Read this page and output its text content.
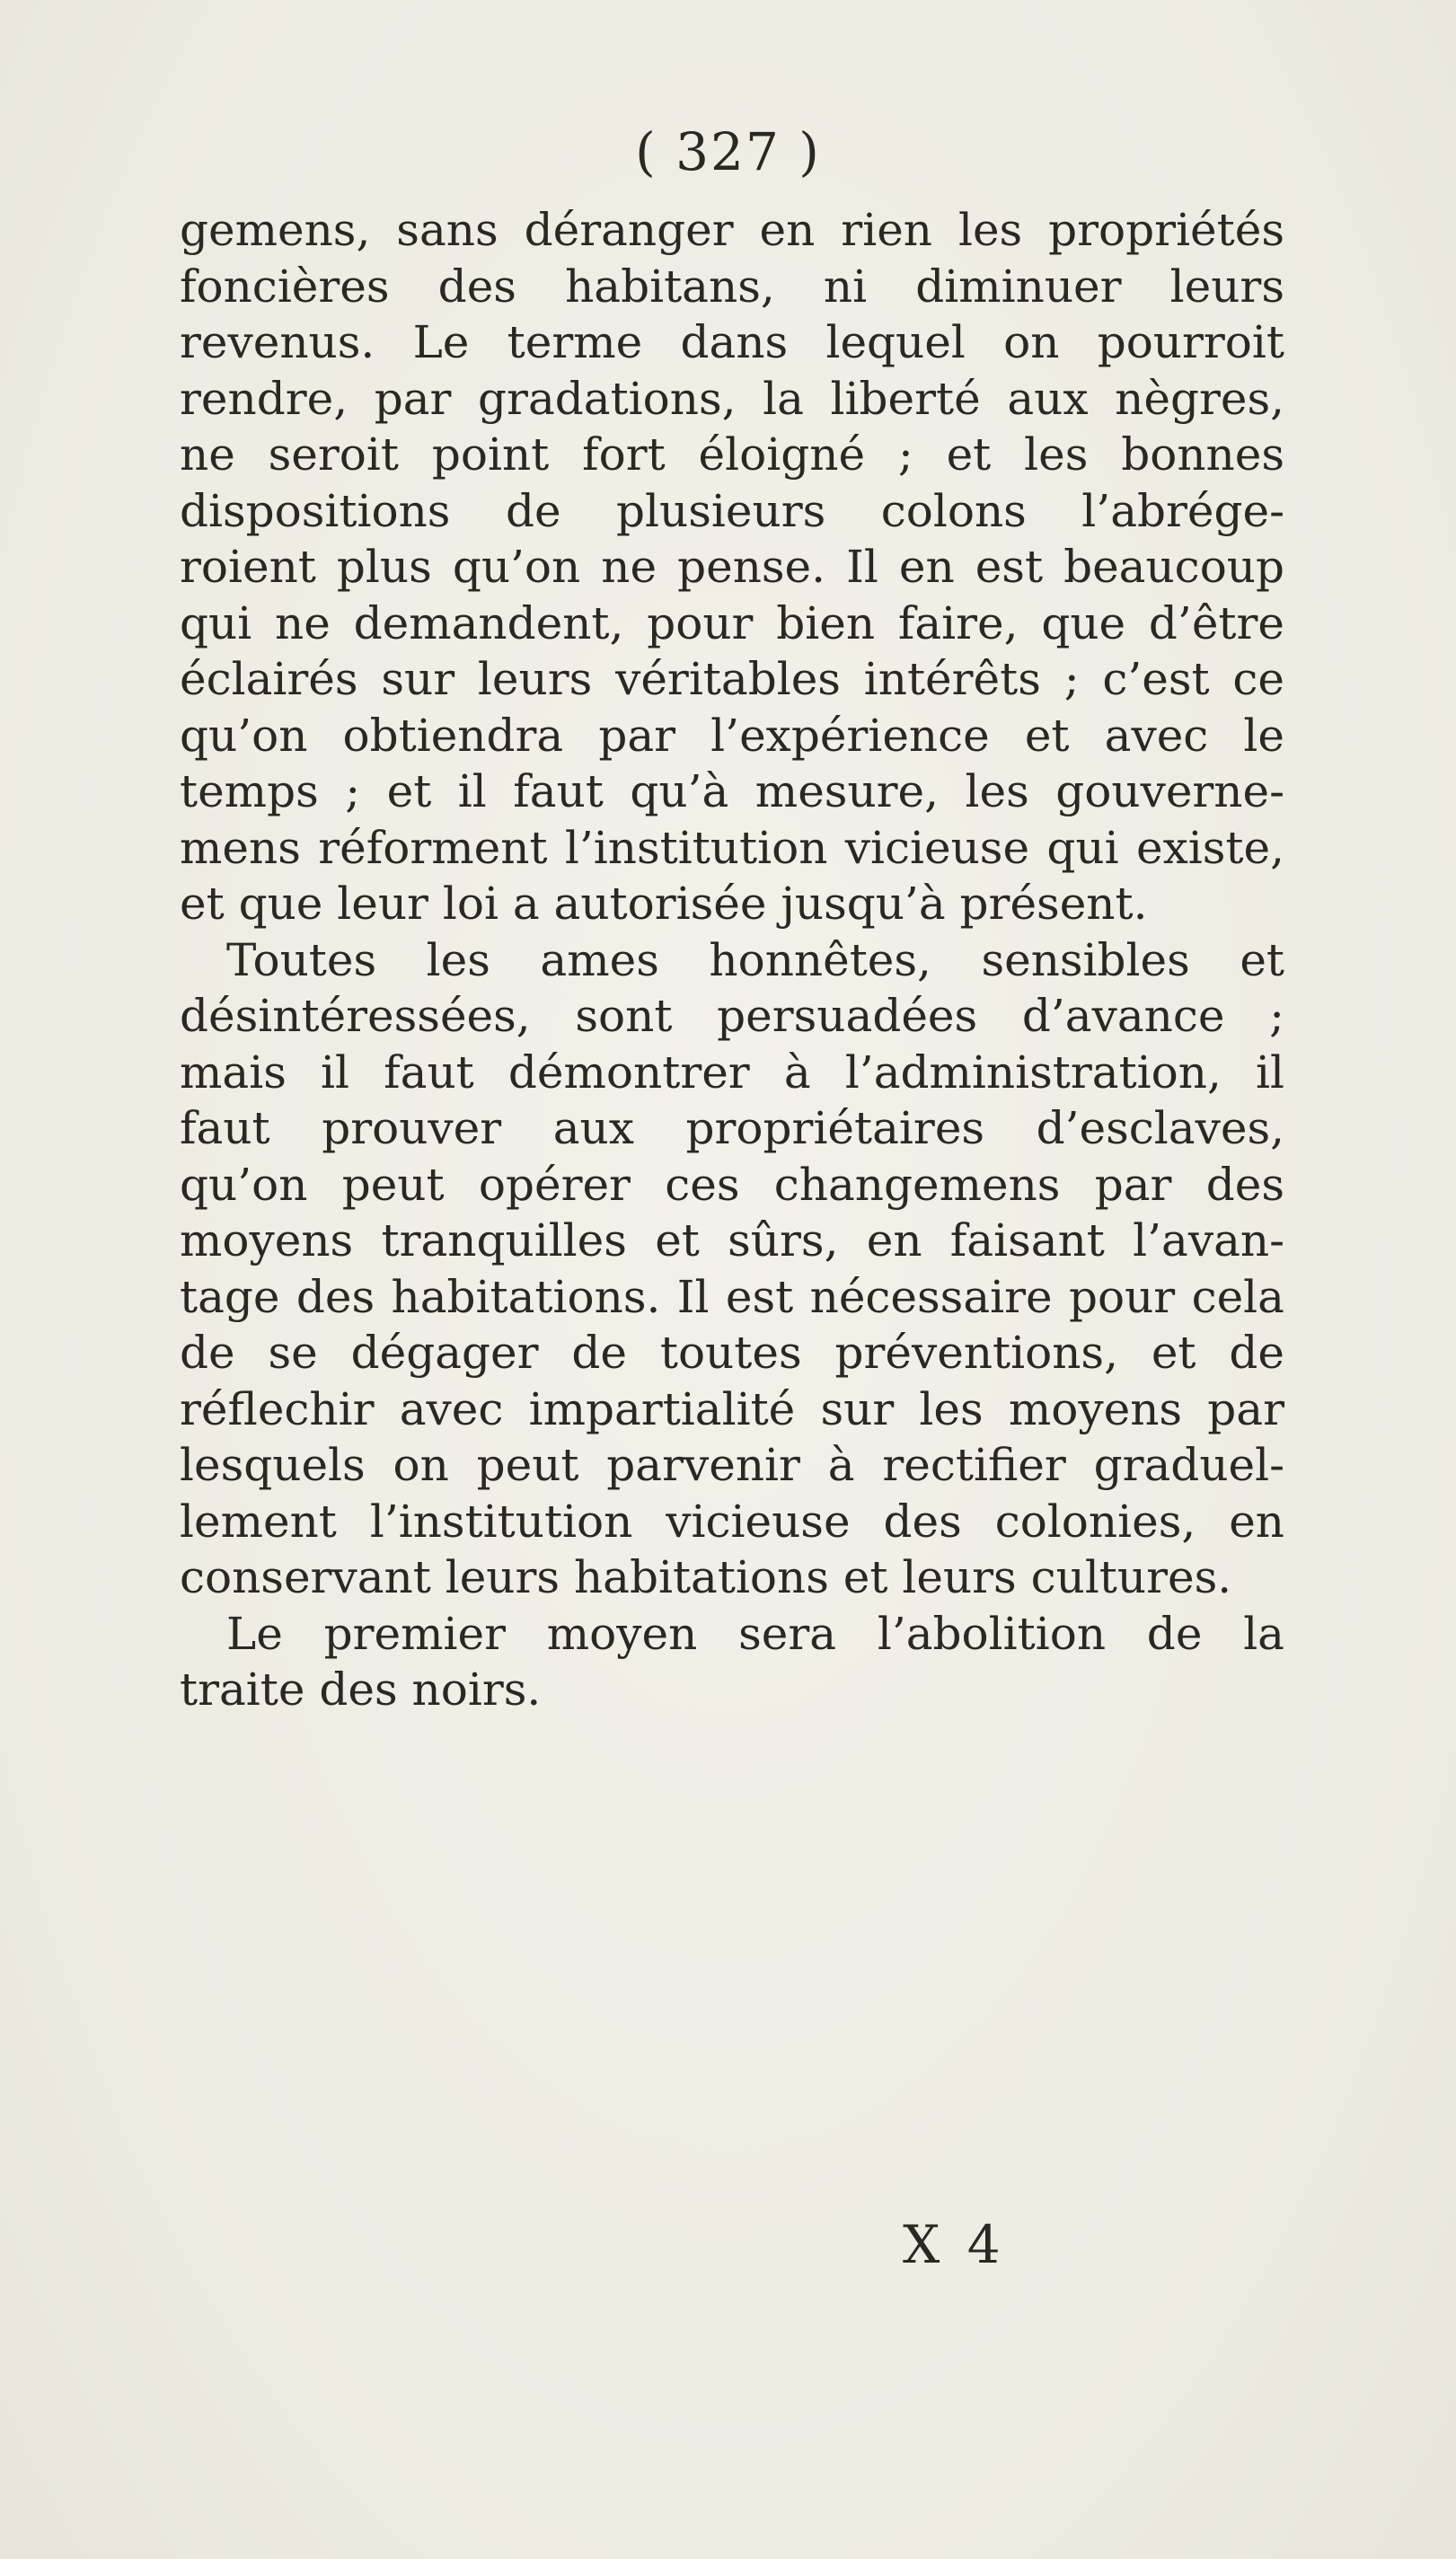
( 327 )
gemens, sans déranger en rien les propriétés
foncières des habitans, ni diminuer leurs
revenus. Le terme dans lequel on pourroit
rendre, par gradations, la liberté aux nègres,
ne seroit point fort éloigné ; et les bonnes
dispositions de plusieurs colons l’abrége-
roient plus qu’on ne pense. Il en est beaucoup
qui ne demandent, pour bien faire, que d’être
éclairés sur leurs véritables intérêts ; c’est ce
qu’on obtiendra par l’expérience et avec le
temps ; et il faut qu’à mesure, les gouverne-
mens réforment l’institution vicieuse qui existe,
et que leur loi a autorisée jusqu’à présent.
Toutes les ames honnêtes, sensibles et
désintéressées, sont persuadées d’avance ;
mais il faut démontrer à l’administration, il
faut prouver aux propriétaires d’esclaves,
qu’on peut opérer ces changemens par des
moyens tranquilles et sûrs, en faisant l’avan-
tage des habitations. Il est nécessaire pour cela
de se dégager de toutes préventions, et de
réflechir avec impartialité sur les moyens par
lesquels on peut parvenir à rectifier graduel-
lement l’institution vicieuse des colonies, en
conservant leurs habitations et leurs cultures.
Le premier moyen sera l’abolition de la
traite des noirs.
X 4
